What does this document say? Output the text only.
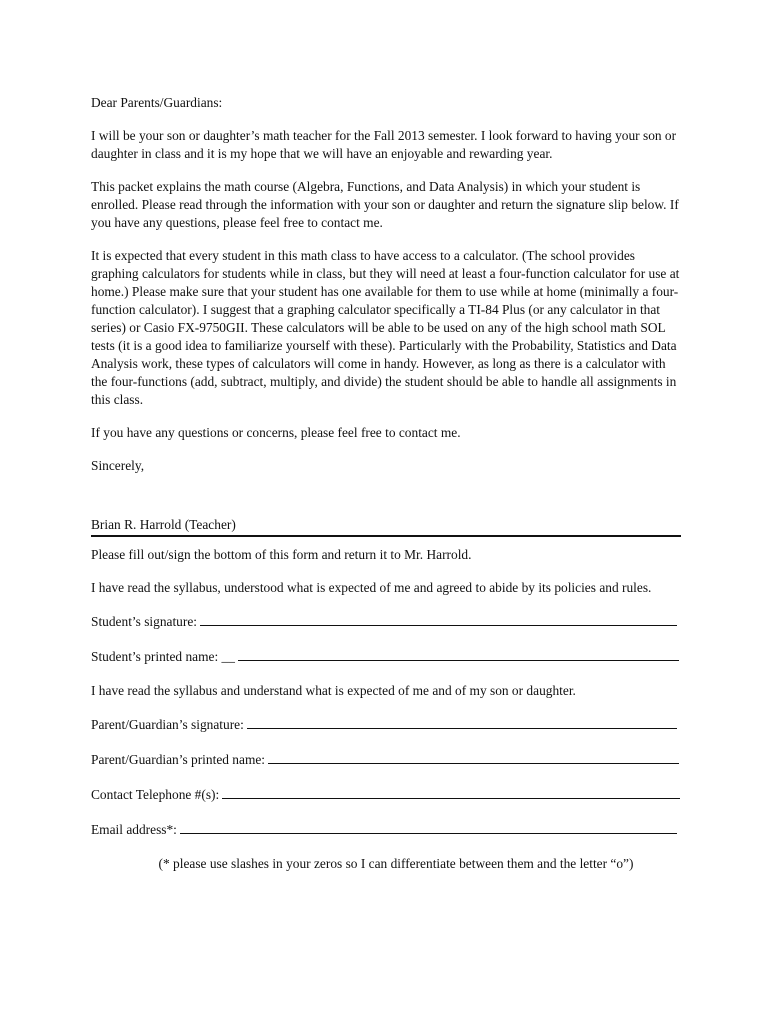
Dear Parents/Guardians:

I will be your son or daughter’s math teacher for the Fall 2013 semester. I look forward to having your son or daughter in class and it is my hope that we will have an enjoyable and rewarding year.

This packet explains the math course (Algebra, Functions, and Data Analysis) in which your student is enrolled. Please read through the information with your son or daughter and return the signature slip below. If you have any questions, please feel free to contact me.

It is expected that every student in this math class to have access to a calculator. (The school provides graphing calculators for students while in class, but they will need at least a four-function calculator for use at home.) Please make sure that your student has one available for them to use while at home (minimally a four-function calculator). I suggest that a graphing calculator specifically a TI-84 Plus (or any calculator in that series) or Casio FX-9750GII. These calculators will be able to be used on any of the high school math SOL tests (it is a good idea to familiarize yourself with these). Particularly with the Probability, Statistics and Data Analysis work, these types of calculators will come in handy. However, as long as there is a calculator with the four-functions (add, subtract, multiply, and divide) the student should be able to handle all assignments in this class.

If you have any questions or concerns, please feel free to contact me.

Sincerely,

Brian R. Harrold (Teacher)

Please fill out/sign the bottom of this form and return it to Mr. Harrold.

I have read the syllabus, understood what is expected of me and agreed to abide by its policies and rules.

Student’s signature:
Student’s printed name: __

I have read the syllabus and understand what is expected of me and of my son or daughter.

Parent/Guardian’s signature:
Parent/Guardian’s printed name:
Contact Telephone #(s):
Email address*:

(* please use slashes in your zeros so I can differentiate between them and the letter “o”)
